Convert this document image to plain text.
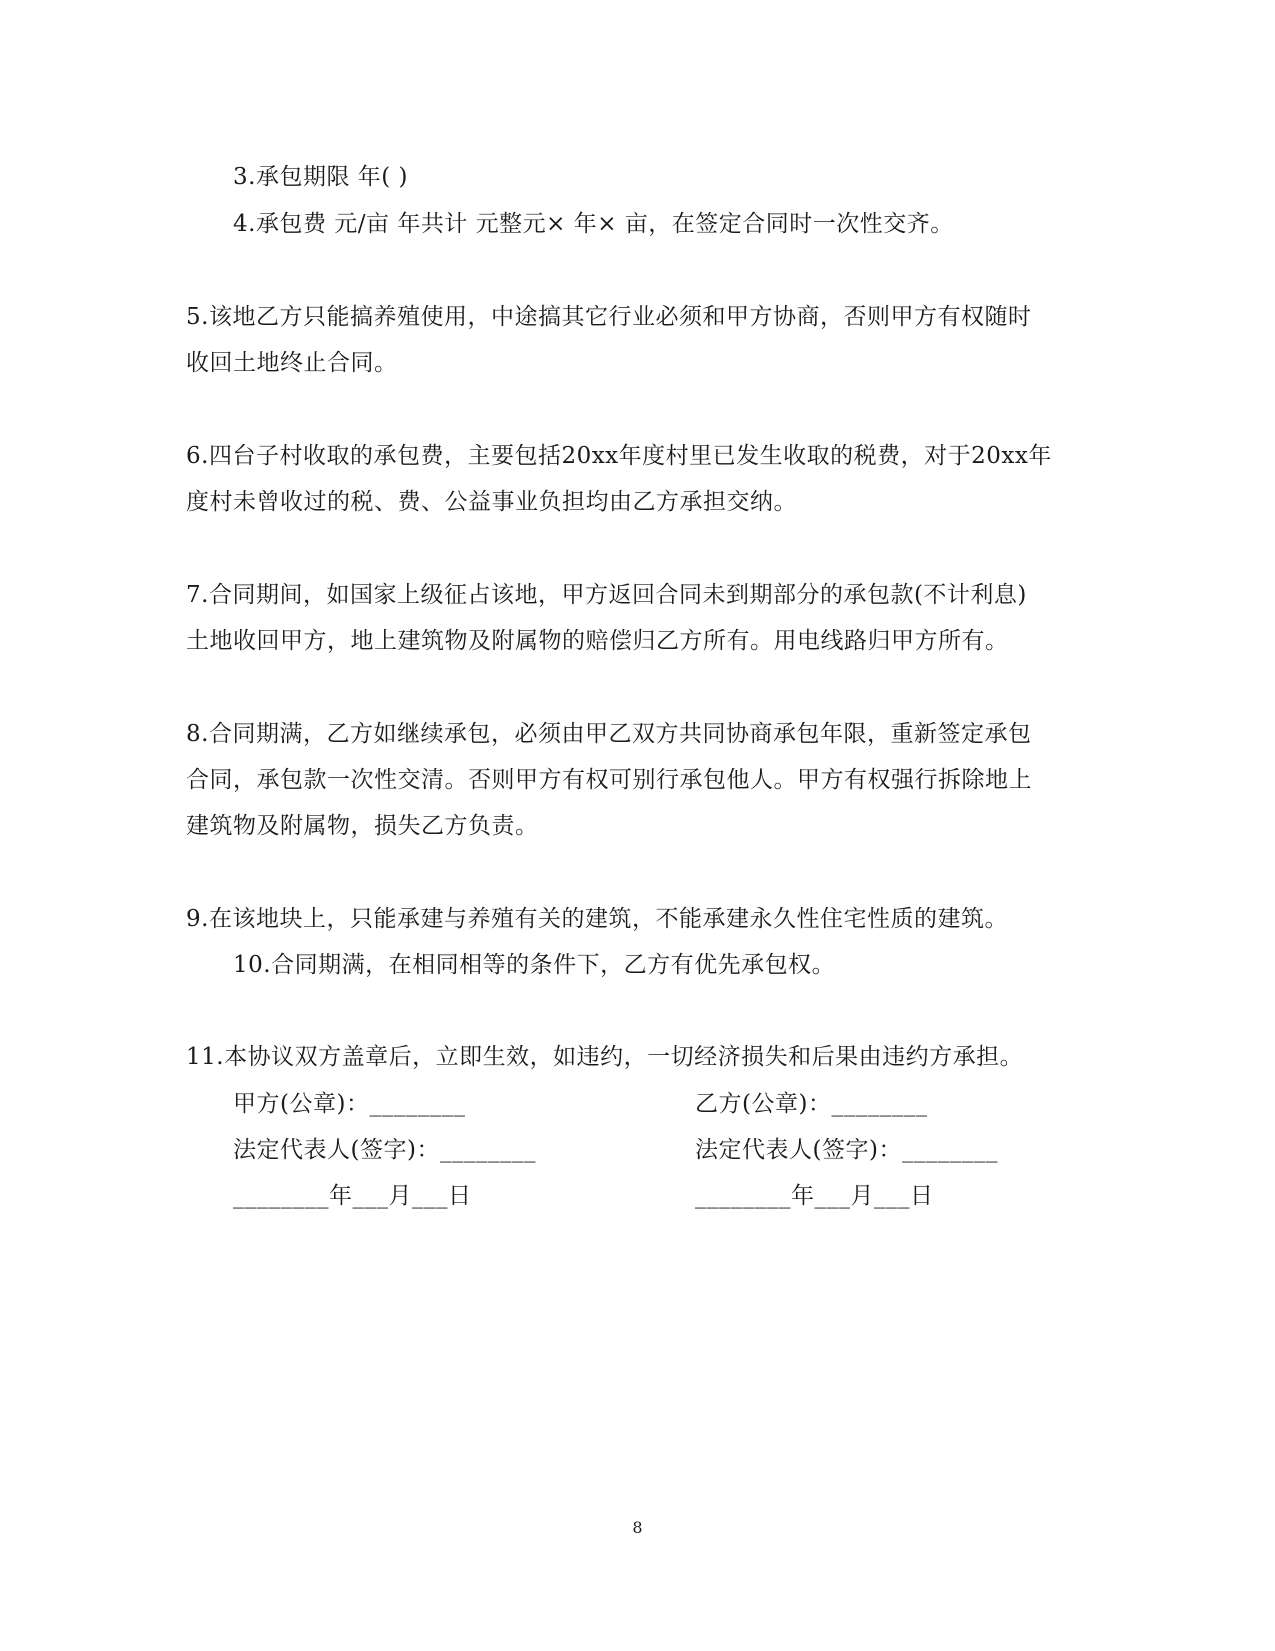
3.承包期限 年( )
4.承包费 元/亩 年共计 元整元× 年× 亩，在签定合同时一次性交齐。
5.该地乙方只能搞养殖使用，中途搞其它行业必须和甲方协商，否则甲方有权随时
收回土地终止合同。
6.四台子村收取的承包费，主要包括20xx年度村里已发生收取的税费，对于20xx年
度村未曾收过的税、费、公益事业负担均由乙方承担交纳。
7.合同期间，如国家上级征占该地，甲方返回合同未到期部分的承包款(不计利息)
土地收回甲方，地上建筑物及附属物的赔偿归乙方所有。用电线路归甲方所有。
8.合同期满，乙方如继续承包，必须由甲乙双方共同协商承包年限，重新签定承包
合同，承包款一次性交清。否则甲方有权可别行承包他人。甲方有权强行拆除地上
建筑物及附属物，损失乙方负责。
9.在该地块上，只能承建与养殖有关的建筑，不能承建永久性住宅性质的建筑。
10.合同期满，在相同相等的条件下，乙方有优先承包权。
11.本协议双方盖章后，立即生效，如违约，一切经济损失和后果由违约方承担。
甲方(公章)：________	乙方(公章)：________
法定代表人(签字)：________	法定代表人(签字)：________
________年___月___日	________年___月___日
8
